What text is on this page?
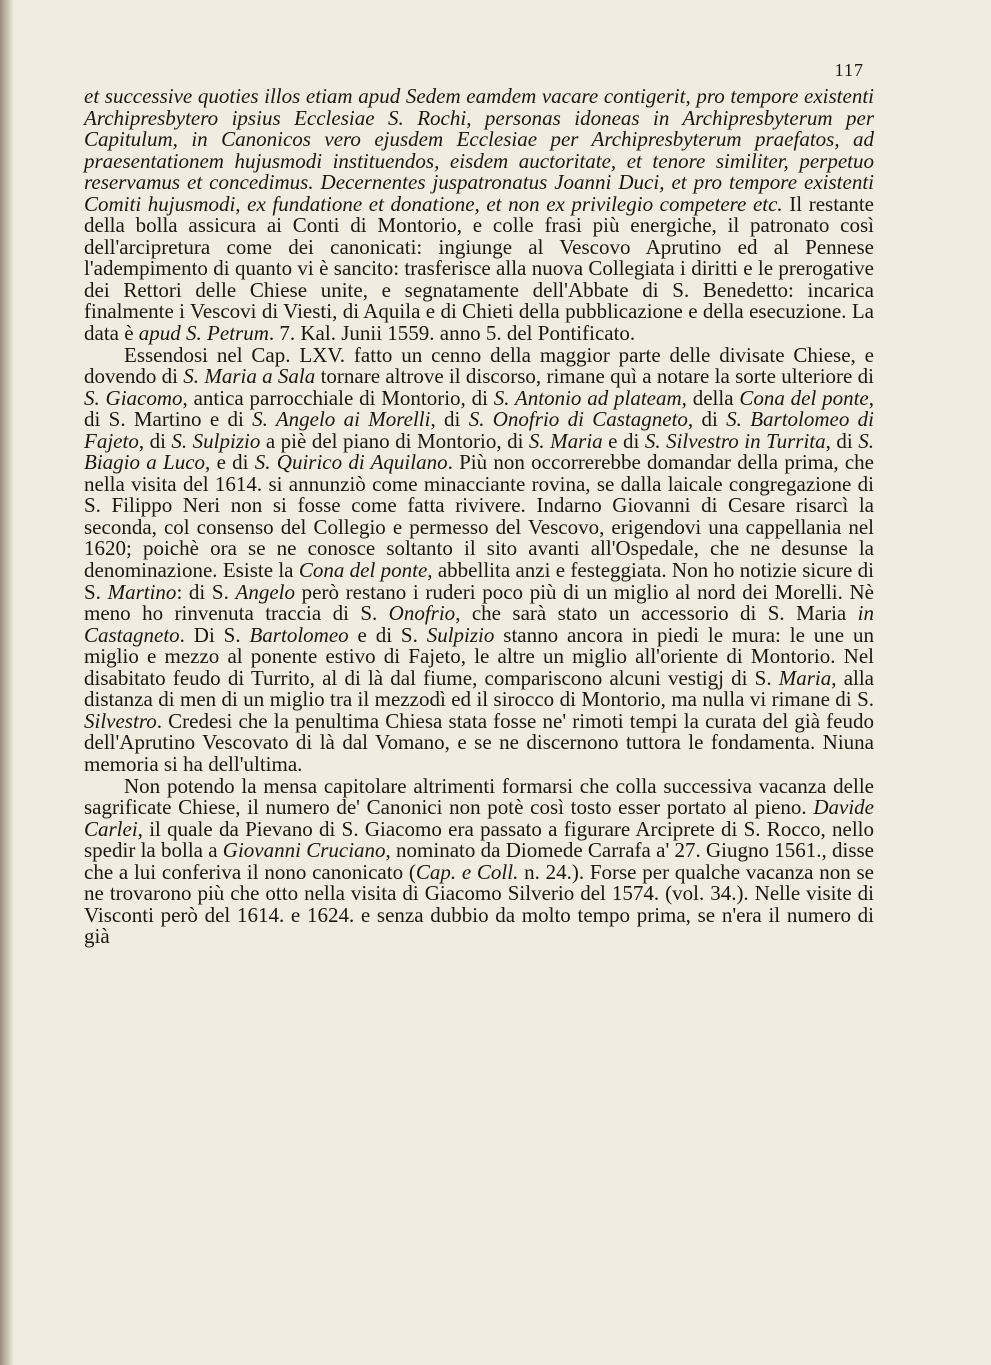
117

et successive quoties illos etiam apud Sedem eamdem vacare contigerit, pro tempore existenti Archipresbytero ipsius Ecclesiae S. Rochi, personas idoneas in Archipresbyterum per Capitulum, in Canonicos vero ejusdem Ecclesiae per Archipresbyterum praefatos, ad praesentationem hujusmodi instituendos, eisdem auctoritate, et tenore similiter, perpetuo reservamus et concedimus. Decernentes juspatronatus Joanni Duci, et pro tempore existenti Comiti hujusmodi, ex fundatione et donatione, et non ex privilegio competere etc. Il restante della bolla assicura ai Conti di Montorio, e colle frasi più energiche, il patronato così dell'arcipretura come dei canonicati: ingiunge al Vescovo Aprutino ed al Pennese l'adempimento di quanto vi è sancito: trasferisce alla nuova Collegiata i diritti e le prerogative dei Rettori delle Chiese unite, e segnatamente dell'Abbate di S. Benedetto: incarica finalmente i Vescovi di Viesti, di Aquila e di Chieti della pubblicazione e della esecuzione. La data è apud S. Petrum. 7. Kal. Junii 1559. anno 5. del Pontificato.

Essendosi nel Cap. LXV. fatto un cenno della maggior parte delle divisate Chiese, e dovendo di S. Maria a Sala tornare altrove il discorso, rimane quì a notare la sorte ulteriore di S. Giacomo, antica parrocchiale di Montorio, di S. Antonio ad plateam, della Cona del ponte, di S. Martino e di S. Angelo ai Morelli, di S. Onofrio di Castagneto, di S. Bartolomeo di Fajeto, di S. Sulpizio a piè del piano di Montorio, di S. Maria e di S. Silvestro in Turrita, di S. Biagio a Luco, e di S. Quirico di Aquilano. Più non occorrerebbe domandar della prima, che nella visita del 1614. si annunziò come minacciante rovina, se dalla laicale congregazione di S. Filippo Neri non si fosse come fatta rivivere. Indarno Giovanni di Cesare risarcì la seconda, col consenso del Collegio e permesso del Vescovo, erigendovi una cappellania nel 1620; poichè ora se ne conosce soltanto il sito avanti all'Ospedale, che ne desunse la denominazione. Esiste la Cona del ponte, abbellita anzi e festeggiata. Non ho notizie sicure di S. Martino: di S. Angelo però restano i ruderi poco più di un miglio al nord dei Morelli. Nè meno ho rinvenuta traccia di S. Onofrio, che sarà stato un accessorio di S. Maria in Castagneto. Di S. Bartolomeo e di S. Sulpizio stanno ancora in piedi le mura: le une un miglio e mezzo al ponente estivo di Fajeto, le altre un miglio all'oriente di Montorio. Nel disabitato feudo di Turrito, al di là dal fiume, compariscono alcuni vestigj di S. Maria, alla distanza di men di un miglio tra il mezzodì ed il sirocco di Montorio, ma nulla vi rimane di S. Silvestro. Credesi che la penultima Chiesa stata fosse ne' rimoti tempi la curata del già feudo dell'Aprutino Vescovato di là dal Vomano, e se ne discernono tuttora le fondamenta. Niuna memoria si ha dell'ultima.

Non potendo la mensa capitolare altrimenti formarsi che colla successiva vacanza delle sagrificate Chiese, il numero de' Canonici non potè così tosto esser portato al pieno. Davide Carlei, il quale da Pievano di S. Giacomo era passato a figurare Arciprete di S. Rocco, nello spedir la bolla a Giovanni Cruciano, nominato da Diomede Carrafa a' 27. Giugno 1561., disse che a lui conferiva il nono canonicato (Cap. e Coll. n. 24.). Forse per qualche vacanza non se ne trovarono più che otto nella visita di Giacomo Silverio del 1574. (vol. 34.). Nelle visite di Visconti però del 1614. e 1624. e senza dubbio da molto tempo prima, se n'era il numero di già
